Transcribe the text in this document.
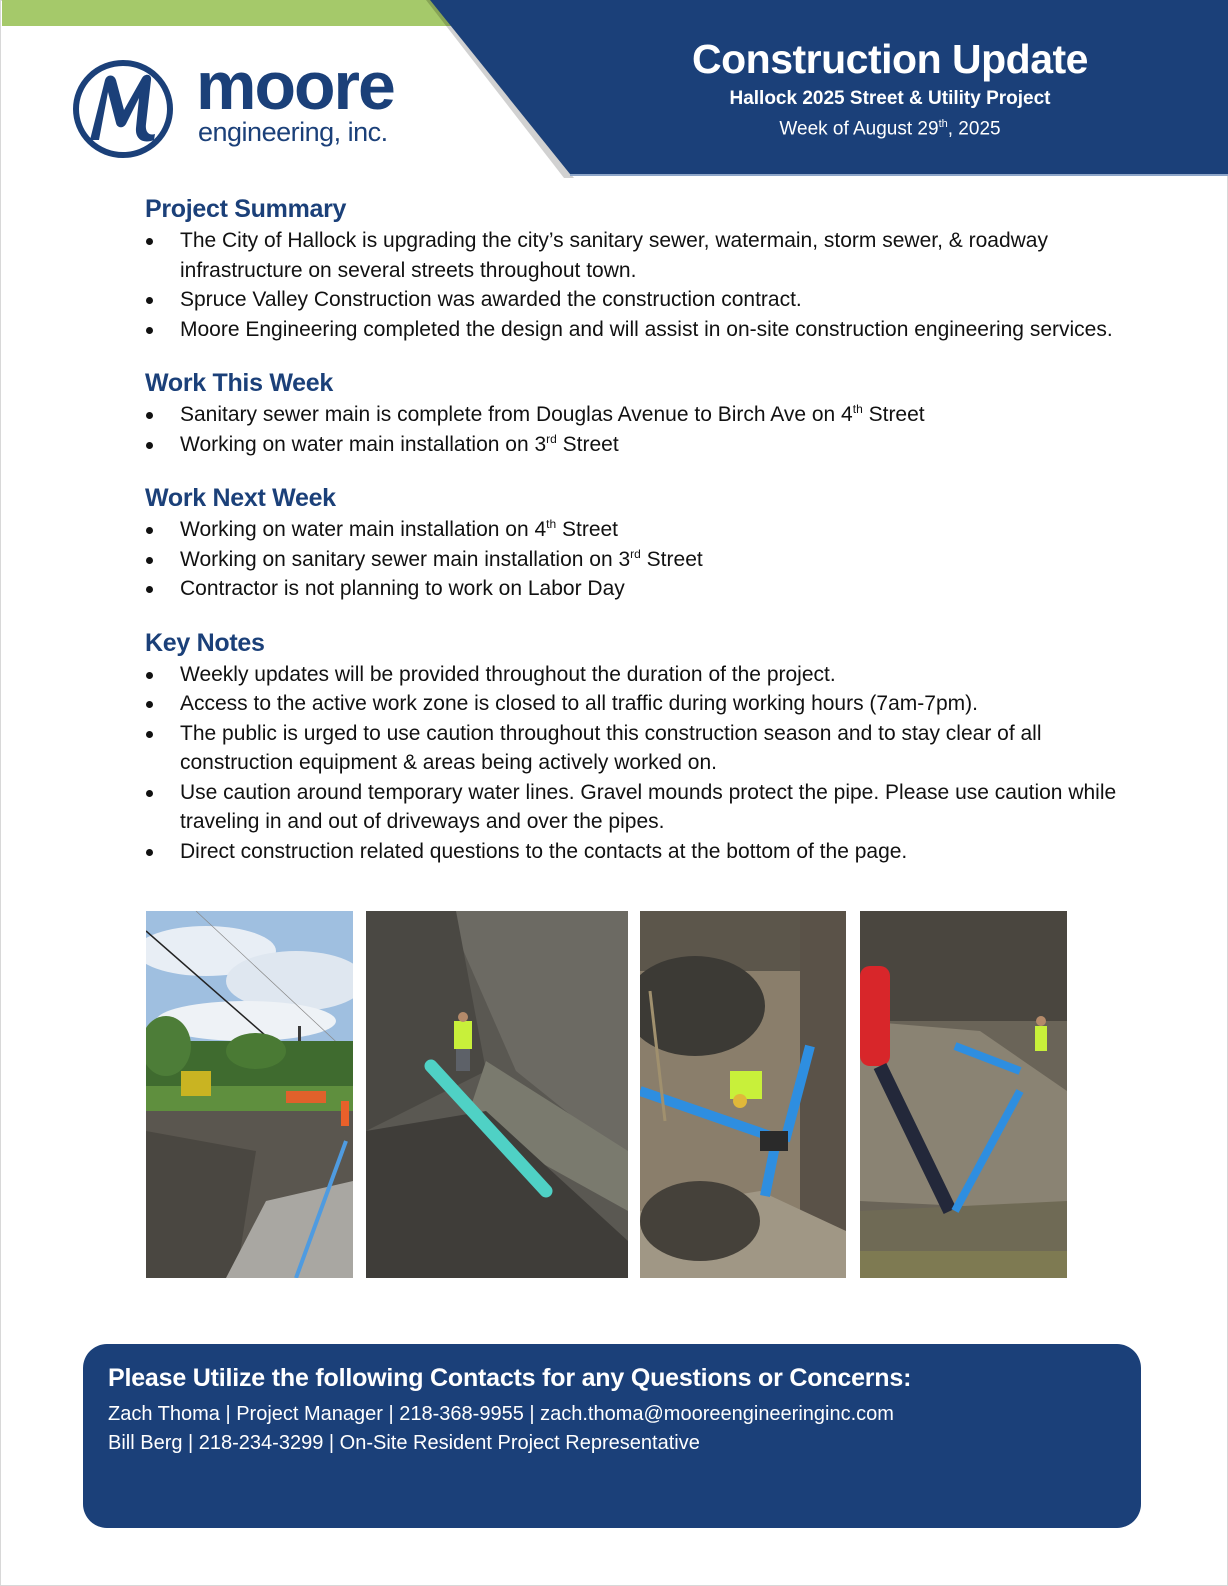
Construction Update
Hallock 2025 Street & Utility Project
Week of August 29th, 2025
moore
engineering, inc.
Project Summary
The City of Hallock is upgrading the city’s sanitary sewer, watermain, storm sewer, & roadway infrastructure on several streets throughout town.
Spruce Valley Construction was awarded the construction contract.
Moore Engineering completed the design and will assist in on-site construction engineering services.
Work This Week
Sanitary sewer main is complete from Douglas Avenue to Birch Ave on 4th Street
Working on water main installation on 3rd Street
Work Next Week
Working on water main installation on 4th Street
Working on sanitary sewer main installation on 3rd Street
Contractor is not planning to work on Labor Day
Key Notes
Weekly updates will be provided throughout the duration of the project.
Access to the active work zone is closed to all traffic during working hours (7am-7pm).
The public is urged to use caution throughout this construction season and to stay clear of all construction equipment & areas being actively worked on.
Use caution around temporary water lines. Gravel mounds protect the pipe. Please use caution while traveling in and out of driveways and over the pipes.
Direct construction related questions to the contacts at the bottom of the page.
Please Utilize the following Contacts for any Questions or Concerns:
Zach Thoma | Project Manager | 218-368-9955 | zach.thoma@mooreengineeringinc.com
Bill Berg | 218-234-3299 | On-Site Resident Project Representative
